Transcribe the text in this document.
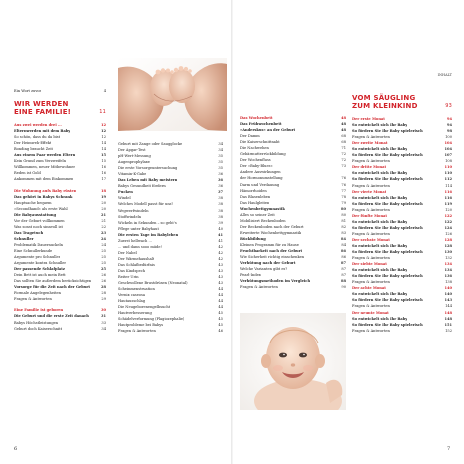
Ein Wort zuvor	4
WIR WERDEN
EINE FAMILIE!	11
Aus zwei werden drei ...	12
Elternwerden mit dem Baby	12
So schön, dass du da bist	12
Der Heimweh-Effekt	14
Bonding braucht Zeit	14
Aus einem Paar werden Eltern	15
Kein Grund zum Verzweifeln	15
Willkommen, neuer Mitbewohner	16
Reden ist Gold	16
Ankommen mit dem Einkommen	17
Die Wohnung aufs Baby rüsten	18
Das gehört in Babys Schrank	19
Hauptsache bequem	20
»Secondhand« als erste Wahl	20
Die Babyausstattung	21
Vor der Geburt vollkommen	21
Was sonst noch sinnvoll ist	22
Das Tragetuch	23
Schnuller	24
Problematik Dauernuckeln	24
Eine Schnullerkunde	25
Argumente pro Schnuller	25
Argumente kontra Schnuller	25
Der passende Schlafplatz	25
Dein Bett ist auch mein Bett	26
Das sollten Sie außerdem berücksichtigen	26
Vorsorge für die Zeit nach der Geburt	28
Formale Angelegenheiten	28
Fragen & Antworten	29
Eine Familie ist geboren	30
Die Geburt und die erste Zeit danach	31
Babys Höchstleistungen	33
Geburt doch Kaiserschnitt	34
Geburt mit Zange oder Saugglocke	34
Der Apgar-Test	34
pH-Wert-Messung	35
Augenprophylaxe	35
Die erste Vorsorgeuntersuchung	35
Vitamin-K-Gabe	36
Das Leben mit Baby meistern	36
Babys Gesundheit fördern	36
Pucken	37
Windel	38
Welches Modell passt für uns?	38
Wegwerfwindeln	38
Stoffwindeln	38
Wickeln in Sekunden – so geht's	39
Pflege unter Babyhaut	40
Die ersten Tage im Babyleben	41
Zuerst hellwach ...	41
... und dann sooo müde!	42
Der Nabel	42
Der Wärmehaushalt	42
Das Schlafbedürfnis	43
Das Kindspech	43
Reiter Urin	43
Geschwollene Brustdrüsen (Neonatal)	43
Scheinmenstruation	44
Vernix caseosa	44
Hautausschlag	44
Die Neugeborenengelbsucht	44
Hautverbesserung	45
Schädelverformung (Plagiozephalie)	45
Hautprobleme bei Babys	45
Fragen & Antworten	46
Das Wochenbett	48
Das Frühwochenbett	48
»Anderskus« an der Geburt	48
Der Damm	68
Die Kaiserschnittnaht	68
Die Nachwehen	71
Gebärmutterrückbildung	72
Der Wochenfluss	72
Der »Baby-Blues«	73
Andere Auswirkungen
der Hormonumstellung	76
Darm und Verdauung	76
Hämorrhoiden	77
Das Blasenleben	78
Das Haulgleiten	79
Wochenbettgymnastik	80
Alles so seiner Zeit	80
Mobilisiert Beckenboden	81
Der Beckenboden nach der Geburt	82
Erweiterte Wochenbettgymnastik	83
Rückbildung	84
Kleinen Programm für zu Hause	84
Fruchtbarkeit nach der Geburt	86
Wie Sicherheit richtig einschenken	86
Verhütung nach der Geburt	87
Welche Varianten gibt es?	87
Pearl-Index	87
Verhütungsmethoden im Vergleich	88
Fragen & Antworten	90
VOM SÄUGLING
ZUM KLEINKIND	93
Der erste Monat	94
So entwickelt sich Ihr Baby	94
So fördern Sie Ihr Baby spielerisch	98
Fragen & Antworten	100
Der zweite Monat	104
So entwickelt sich Ihr Baby	104
So fördern Sie Ihr Baby spielerisch	107
Fragen & Antworten	108
Der dritte Monat	110
So entwickelt sich Ihr Baby	110
So fördern Sie Ihr Baby spielerisch	112
Fragen & Antworten	114
Der vierte Monat	116
So entwickelt sich Ihr Baby	116
So fördern Sie Ihr Baby spielerisch	119
Fragen & Antworten	120
Der fünfte Monat	122
So entwickelt sich Ihr Baby	122
So fördern Sie Ihr Baby spielerisch	124
Fragen & Antworten	126
Der sechste Monat	128
So entwickelt sich Ihr Baby	128
So fördern Sie Ihr Baby spielerisch	130
Fragen & Antworten	132
Der siebte Monat	134
So entwickelt sich Ihr Baby	134
So fördern Sie Ihr Baby spielerisch	136
Fragen & Antworten	138
Der achte Monat	140
So entwickelt sich Ihr Baby	140
So fördern Sie Ihr Baby spielerisch	143
Fragen & Antworten	144
Der neunte Monat	148
So entwickelt sich Ihr Baby	148
So fördern Sie Ihr Baby spielerisch	151
Fragen & Antworten	152
INHALT
6	7
